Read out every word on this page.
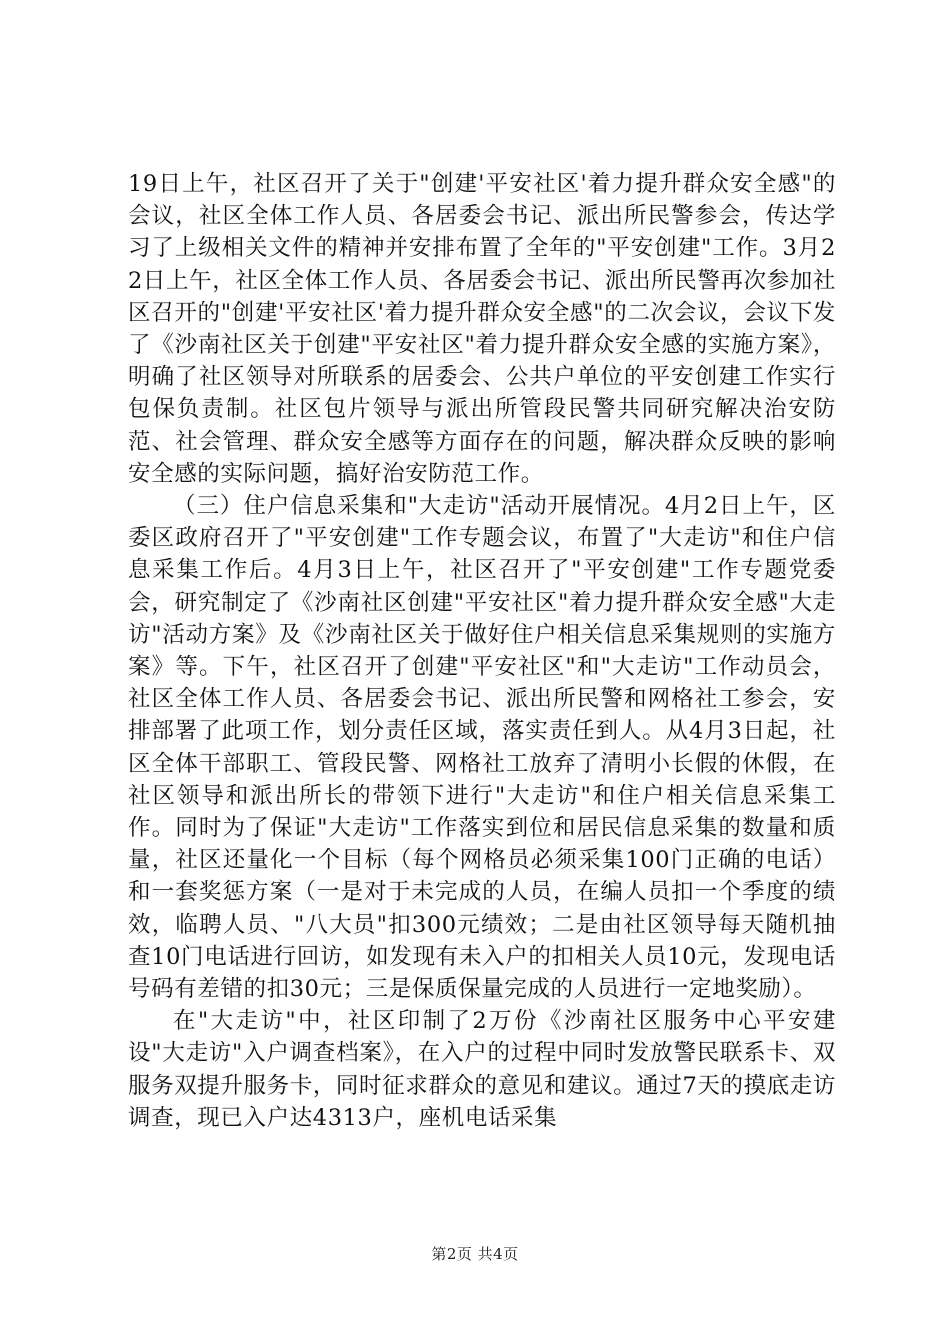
19日上午，社区召开了关于"创建'平安社区'着力提升群众安全感"的会议，社区全体工作人员、各居委会书记、派出所民警参会，传达学习了上级相关文件的精神并安排布置了全年的"平安创建"工作。3月22日上午，社区全体工作人员、各居委会书记、派出所民警再次参加社区召开的"创建'平安社区'着力提升群众安全感"的二次会议，会议下发了《沙南社区关于创建"平安社区"着力提升群众安全感的实施方案》，明确了社区领导对所联系的居委会、公共户单位的平安创建工作实行包保负责制。社区包片领导与派出所管段民警共同研究解决治安防范、社会管理、群众安全感等方面存在的问题，解决群众反映的影响安全感的实际问题，搞好治安防范工作。

（三）住户信息采集和"大走访"活动开展情况。4月2日上午，区委区政府召开了"平安创建"工作专题会议，布置了"大走访"和住户信息采集工作后。4月3日上午，社区召开了"平安创建"工作专题党委会，研究制定了《沙南社区创建"平安社区"着力提升群众安全感"大走访"活动方案》及《沙南社区关于做好住户相关信息采集规则的实施方案》等。下午，社区召开了创建"平安社区"和"大走访"工作动员会，社区全体工作人员、各居委会书记、派出所民警和网格社工参会，安排部署了此项工作，划分责任区域，落实责任到人。从4月3日起，社区全体干部职工、管段民警、网格社工放弃了清明小长假的休假，在社区领导和派出所长的带领下进行"大走访"和住户相关信息采集工作。同时为了保证"大走访"工作落实到位和居民信息采集的数量和质量，社区还量化一个目标（每个网格员必须采集100门正确的电话）和一套奖惩方案（一是对于未完成的人员，在编人员扣一个季度的绩效，临聘人员、"八大员"扣300元绩效；二是由社区领导每天随机抽查10门电话进行回访，如发现有未入户的扣相关人员10元，发现电话号码有差错的扣30元；三是保质保量完成的人员进行一定地奖励）。

在"大走访"中，社区印制了2万份《沙南社区服务中心平安建设"大走访"入户调查档案》，在入户的过程中同时发放警民联系卡、双服务双提升服务卡，同时征求群众的意见和建议。通过7天的摸底走访调查，现已入户达4313户，座机电话采集

第2页 共4页
